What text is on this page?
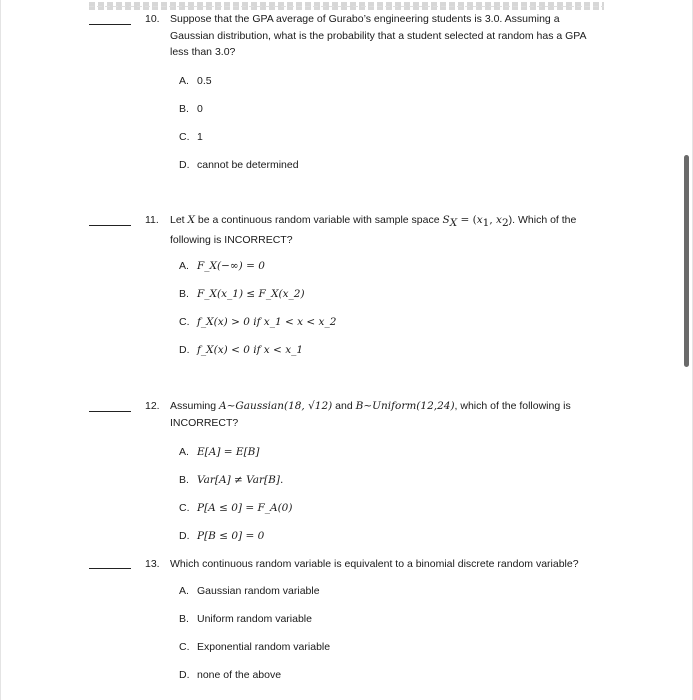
10. Suppose that the GPA average of Gurabo’s engineering students is 3.0. Assuming a
Gaussian distribution, what is the probability that a student selected at random has a GPA
less than 3.0?
A. 0.5
B. 0
C. 1
D. cannot be determined
11. Let X be a continuous random variable with sample space $S_X = (x_1$, $x_2$). Which of the
following is INCORRECT?
A. F_X(−∞) = 0
B. F_X(x_1) ≤ F_X(x_2)
C. f_X(x) > 0 if x_1 < x < x_2
D. f_X(x) < 0 if x < x_1
12. Assuming A~Gaussian(18, √12) and B~Uniform(12,24), which of the following is
INCORRECT?
A. E[A] = E[B]
B. Var[A] ≠ Var[B].
C. P[A ≤ 0] = F_A(0)
D. P[B ≤ 0] = 0
13. Which continuous random variable is equivalent to a binomial discrete random variable?
A. Gaussian random variable
B. Uniform random variable
C. Exponential random variable
D. none of the above
